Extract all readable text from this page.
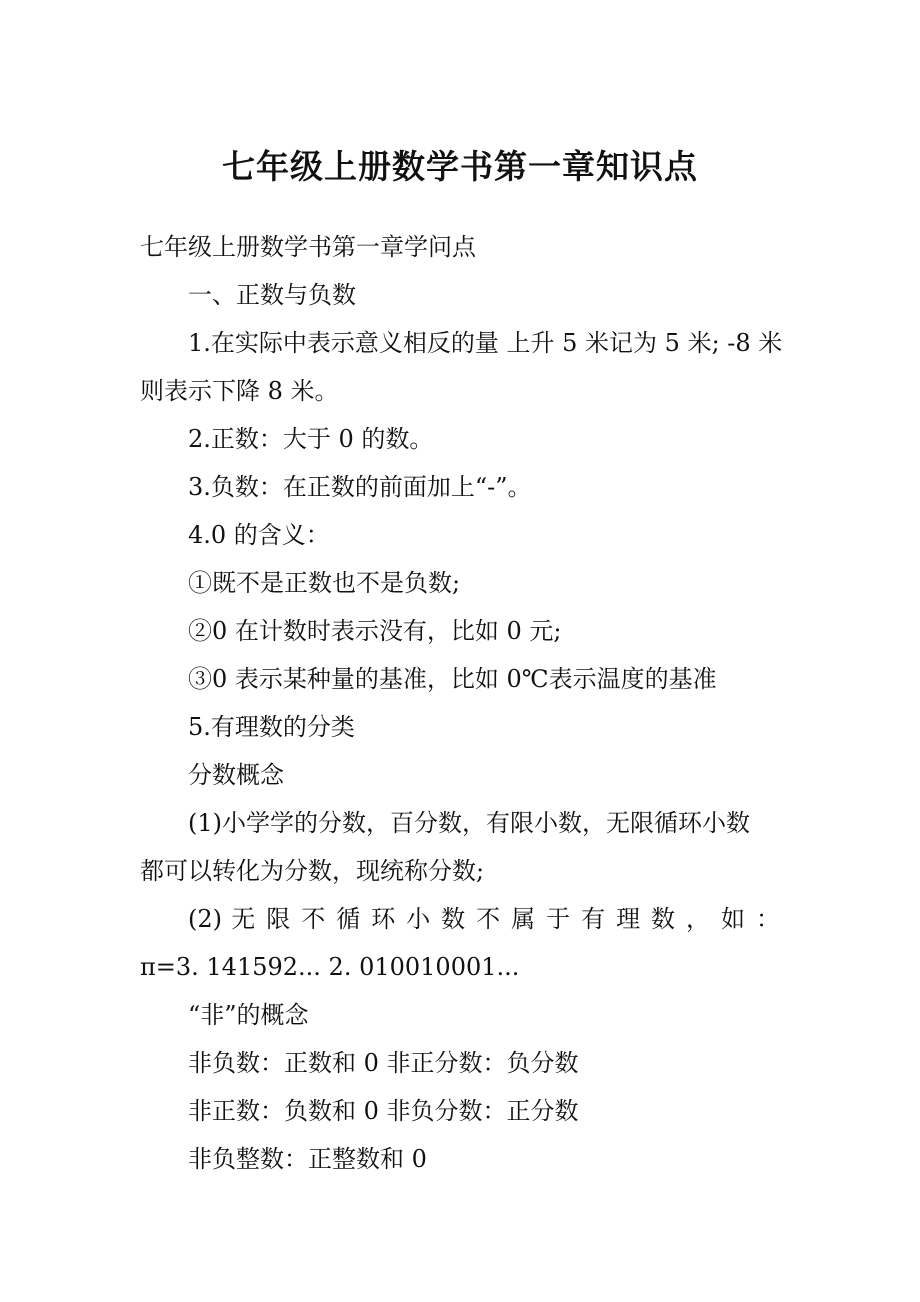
七年级上册数学书第一章知识点
七年级上册数学书第一章学问点
一、正数与负数
1.在实际中表示意义相反的量 上升 5 米记为 5 米; -8 米
则表示下降 8 米。
2.正数：大于 0 的数。
3.负数：在正数的前面加上“-”。
4.0 的含义：
①既不是正数也不是负数;
②0 在计数时表示没有，比如 0 元;
③0 表示某种量的基准，比如 0℃表示温度的基准
5.有理数的分类
分数概念
(1)小学学的分数，百分数，有限小数，无限循环小数
都可以转化为分数，现统称分数;
(2) 无 限 不 循 环 小 数 不 属 于 有 理 数 ， 如 ：
π=3. 141592... 2. 010010001...
“非”的概念
非负数：正数和 0 非正分数：负分数
非正数：负数和 0 非负分数：正分数
非负整数：正整数和 0
